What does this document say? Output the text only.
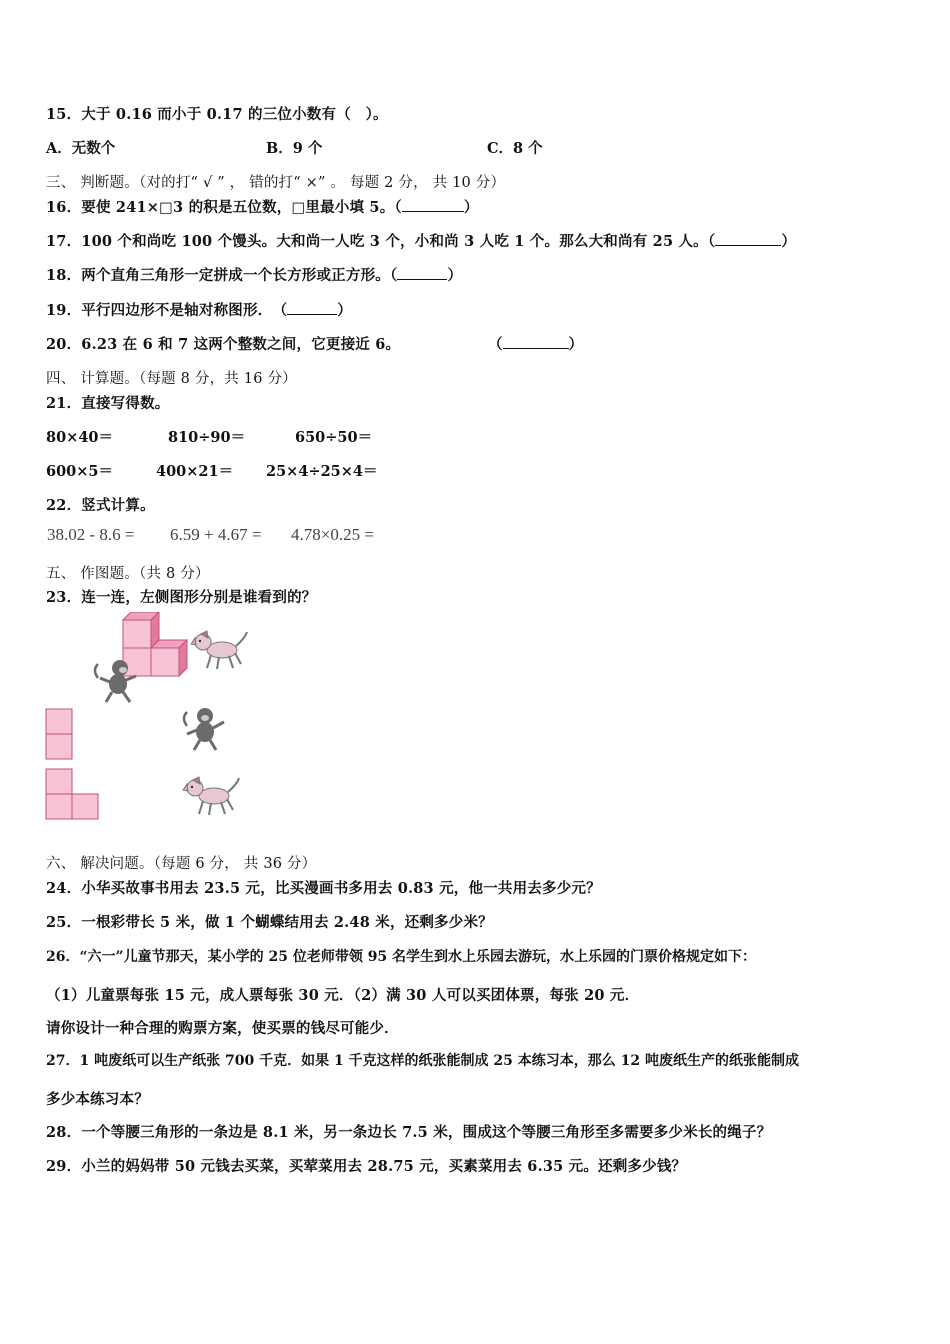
15．大于 0.16 而小于 0.17 的三位小数有（　）。
A．无数个	B．9 个	C．8 个
三、 判断题。（对的打“ √ ” ， 错的打“ ×” 。 每题 2 分， 共 10 分）
16．要使 241×□3 的积是五位数，□里最小填 5。（	）
17．100 个和尚吃 100 个馒头。大和尚一人吃 3 个，小和尚 3 人吃 1 个。那么大和尚有 25 人。（	）
18．两个直角三角形一定拼成一个长方形或正方形。（	）
19．平行四边形不是轴对称图形．　（	）
20．6.23 在 6 和 7 这两个整数之间，它更接近 6。	（	）
四、 计算题。（每题 8 分，共 16 分）
21．直接写得数。
80×40＝	810÷90＝	650÷50＝
600×5＝	400×21＝ 25×4÷25×4＝
22．竖式计算。
38.02 - 8.6 = 6.59 + 4.67 = 4.78×0.25 =
五、 作图题。（共 8 分）
23．连一连，左侧图形分别是谁看到的？
六、 解决问题。（每题 6 分， 共 36 分）
24．小华买故事书用去 23.5 元，比买漫画书多用去 0.83 元，他一共用去多少元？
25．一根彩带长 5 米，做 1 个蝴蝶结用去 2.48 米，还剩多少米？
26．“六一”儿童节那天，某小学的 25 位老师带领 95 名学生到水上乐园去游玩，水上乐园的门票价格规定如下：
（1）儿童票每张 15 元，成人票每张 30 元．（2）满 30 人可以买团体票，每张 20 元．
请你设计一种合理的购票方案，使买票的钱尽可能少．
27．1 吨废纸可以生产纸张 700 千克．如果 1 千克这样的纸张能制成 25 本练习本，那么 12 吨废纸生产的纸张能制成
多少本练习本？
28．一个等腰三角形的一条边是 8.1 米，另一条边长 7.5 米，围成这个等腰三角形至多需要多少米长的绳子？
29．小兰的妈妈带 50 元钱去买菜，买荤菜用去 28.75 元，买素菜用去 6.35 元。还剩多少钱？
